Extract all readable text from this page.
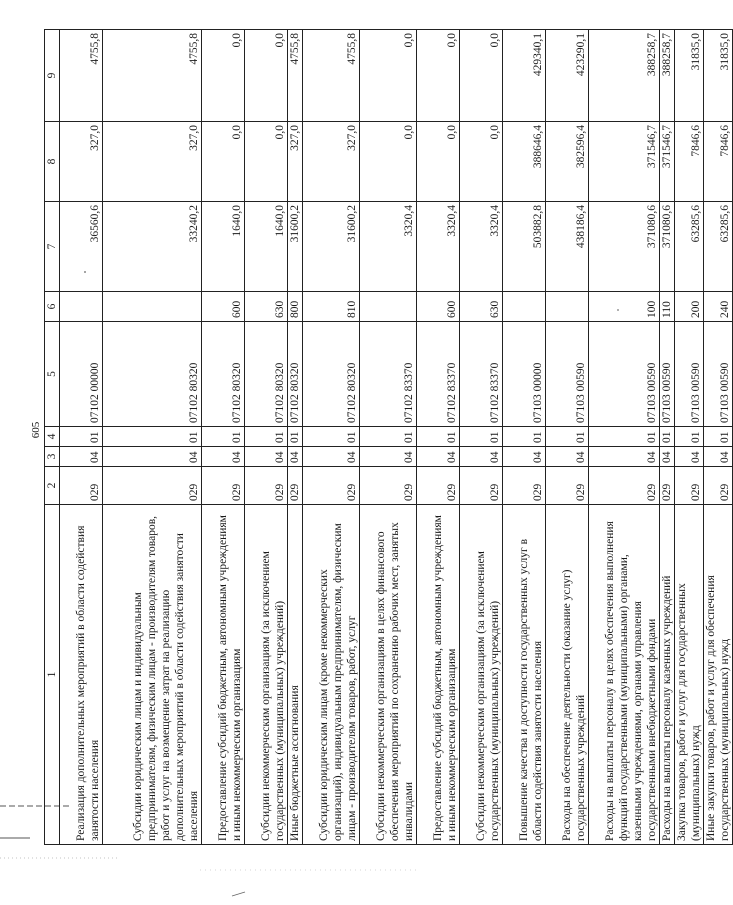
605
1	2	3	4	5	6	7	8	9
Реализация дополнительных мероприятий в области содействия занятости населения	029	04	01	07102 00000		36560,6	327,0	4755,8
Субсидии юридическим лицам и индивидуальным предпринимателям, физическим лицам - производителям товаров, работ и услуг на возмещение затрат на реализацию дополнительных мероприятий в области содействия занятости населения	029	04	01	07102 80320		33240,2	327,0	4755,8
Предоставление субсидий бюджетным, автономным учреждениям и иным некоммерческим организациям	029	04	01	07102 80320	600	1640,0	0,0	0,0
Субсидии некоммерческим организациям (за исключением государственных (муниципальных) учреждений)	029	04	01	07102 80320	630	1640,0	0,0	0,0
Иные бюджетные ассигнования	029	04	01	07102 80320	800	31600,2	327,0	4755,8
Субсидии юридическим лицам (кроме некоммерческих организаций), индивидуальным предпринимателям, физическим лицам - производителям товаров, работ, услуг	029	04	01	07102 80320	810	31600,2	327,0	4755,8
Субсидии некоммерческим организациям в целях финансового обеспечения мероприятий по сохранению рабочих мест, занятых инвалидами	029	04	01	07102 83370		3320,4	0,0	0,0
Предоставление субсидий бюджетным, автономным учреждениям и иным некоммерческим организациям	029	04	01	07102 83370	600	3320,4	0,0	0,0
Субсидии некоммерческим организациям (за исключением государственных (муниципальных) учреждений)	029	04	01	07102 83370	630	3320,4	0,0	0,0
Повышение качества и доступности государственных услуг в области содействия занятости населения	029	04	01	07103 00000		503882,8	388646,4	429340,1
Расходы на обеспечение деятельности (оказание услуг) государственных учреждений	029	04	01	07103 00590		438186,4	382596,4	423290,1
Расходы на выплаты персоналу в целях обеспечения выполнения функций государственными (муниципальными) органами, казенными учреждениями, органами управления государственными внебюджетными фондами	029	04	01	07103 00590	100	371080,6	371546,7	388258,7
Расходы на выплаты персоналу казенных учреждений	029	04	01	07103 00590	110	371080,6	371546,7	388258,7
Закупка товаров, работ и услуг для государственных (муниципальных) нужд	029	04	01	07103 00590	200	63285,6	7846,6	31835,0
Иные закупки товаров, работ и услуг для обеспечения государственных (муниципальных) нужд	029	04	01	07103 00590	240	63285,6	7846,6	31835,0
